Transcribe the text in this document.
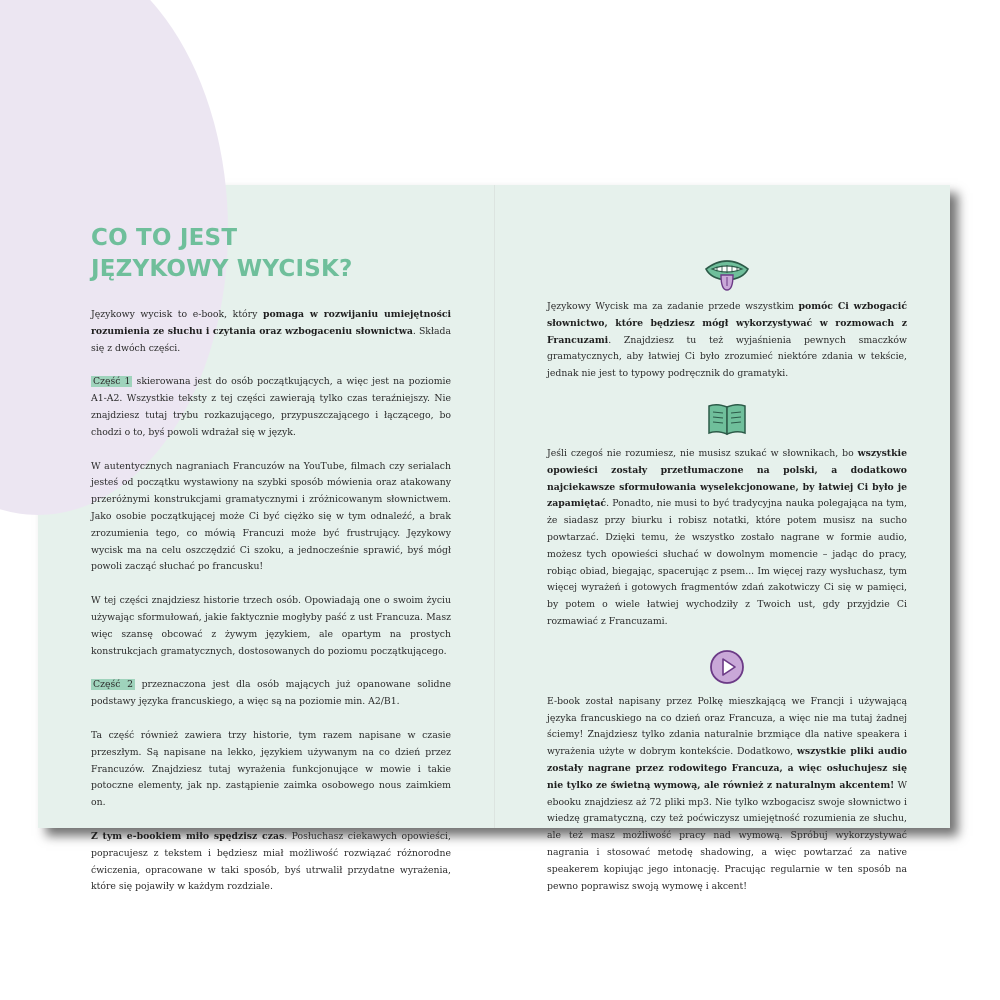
CO TO JEST
JĘZYKOWY WYCISK?

Językowy wycisk to e-book, który pomaga w rozwijaniu umiejętności rozumienia ze słuchu i czytania oraz wzbogaceniu słownictwa. Składa się z dwóch części.

Część 1 skierowana jest do osób początkujących, a więc jest na poziomie A1-A2. Wszystkie teksty z tej części zawierają tylko czas teraźniejszy. Nie znajdziesz tutaj trybu rozkazującego, przypuszczającego i łączącego, bo chodzi o to, byś powoli wdrażał się w język.

W autentycznych nagraniach Francuzów na YouTube, filmach czy serialach jesteś od początku wystawiony na szybki sposób mówienia oraz atakowany przeróżnymi konstrukcjami gramatycznymi i zróżnicowanym słownictwem. Jako osobie początkującej może Ci być ciężko się w tym odnaleźć, a brak zrozumienia tego, co mówią Francuzi może być frustrujący. Językowy wycisk ma na celu oszczędzić Ci szoku, a jednocześnie sprawić, byś mógł powoli zacząć słuchać po francusku!

W tej części znajdziesz historie trzech osób. Opowiadają one o swoim życiu używając sformułowań, jakie faktycznie mogłyby paść z ust Francuza. Masz więc szansę obcować z żywym językiem, ale opartym na prostych konstrukcjach gramatycznych, dostosowanych do poziomu początkującego.

Część 2 przeznaczona jest dla osób mających już opanowane solidne podstawy języka francuskiego, a więc są na poziomie min. A2/B1.

Ta część również zawiera trzy historie, tym razem napisane w czasie przeszłym. Są napisane na lekko, językiem używanym na co dzień przez Francuzów. Znajdziesz tutaj wyrażenia funkcjonujące w mowie i takie potoczne elementy, jak np. zastąpienie zaimka osobowego nous zaimkiem on.

Z tym e-bookiem miło spędzisz czas. Posłuchasz ciekawych opowieści, popracujesz z tekstem i będziesz miał możliwość rozwiązać różnorodne ćwiczenia, opracowane w taki sposób, byś utrwalił przydatne wyrażenia, które się pojawiły w każdym rozdziale.

Językowy Wycisk ma za zadanie przede wszystkim pomóc Ci wzbogacić słownictwo, które będziesz mógł wykorzystywać w rozmowach z Francuzami. Znajdziesz tu też wyjaśnienia pewnych smaczków gramatycznych, aby łatwiej Ci było zrozumieć niektóre zdania w tekście, jednak nie jest to typowy podręcznik do gramatyki.

Jeśli czegoś nie rozumiesz, nie musisz szukać w słownikach, bo wszystkie opowieści zostały przetłumaczone na polski, a dodatkowo najciekawsze sformułowania wyselekcjonowane, by łatwiej Ci było je zapamiętać. Ponadto, nie musi to być tradycyjna nauka polegająca na tym, że siadasz przy biurku i robisz notatki, które potem musisz na sucho powtarzać. Dzięki temu, że wszystko zostało nagrane w formie audio, możesz tych opowieści słuchać w dowolnym momencie – jadąc do pracy, robiąc obiad, biegając, spacerując z psem... Im więcej razy wysłuchasz, tym więcej wyrażeń i gotowych fragmentów zdań zakotwiczy Ci się w pamięci, by potem o wiele łatwiej wychodziły z Twoich ust, gdy przyjdzie Ci rozmawiać z Francuzami.

E-book został napisany przez Polkę mieszkającą we Francji i używającą języka francuskiego na co dzień oraz Francuza, a więc nie ma tutaj żadnej ściemy! Znajdziesz tylko zdania naturalnie brzmiące dla native speakera i wyrażenia użyte w dobrym kontekście. Dodatkowo, wszystkie pliki audio zostały nagrane przez rodowitego Francuza, a więc osłuchujesz się nie tylko ze świetną wymową, ale również z naturalnym akcentem! W ebooku znajdziesz aż 72 pliki mp3. Nie tylko wzbogacisz swoje słownictwo i wiedzę gramatyczną, czy też poćwiczysz umiejętność rozumienia ze słuchu, ale też masz możliwość pracy nad wymową. Spróbuj wykorzystywać nagrania i stosować metodę shadowing, a więc powtarzać za native speakerem kopiując jego intonację. Pracując regularnie w ten sposób na pewno poprawisz swoją wymowę i akcent!
